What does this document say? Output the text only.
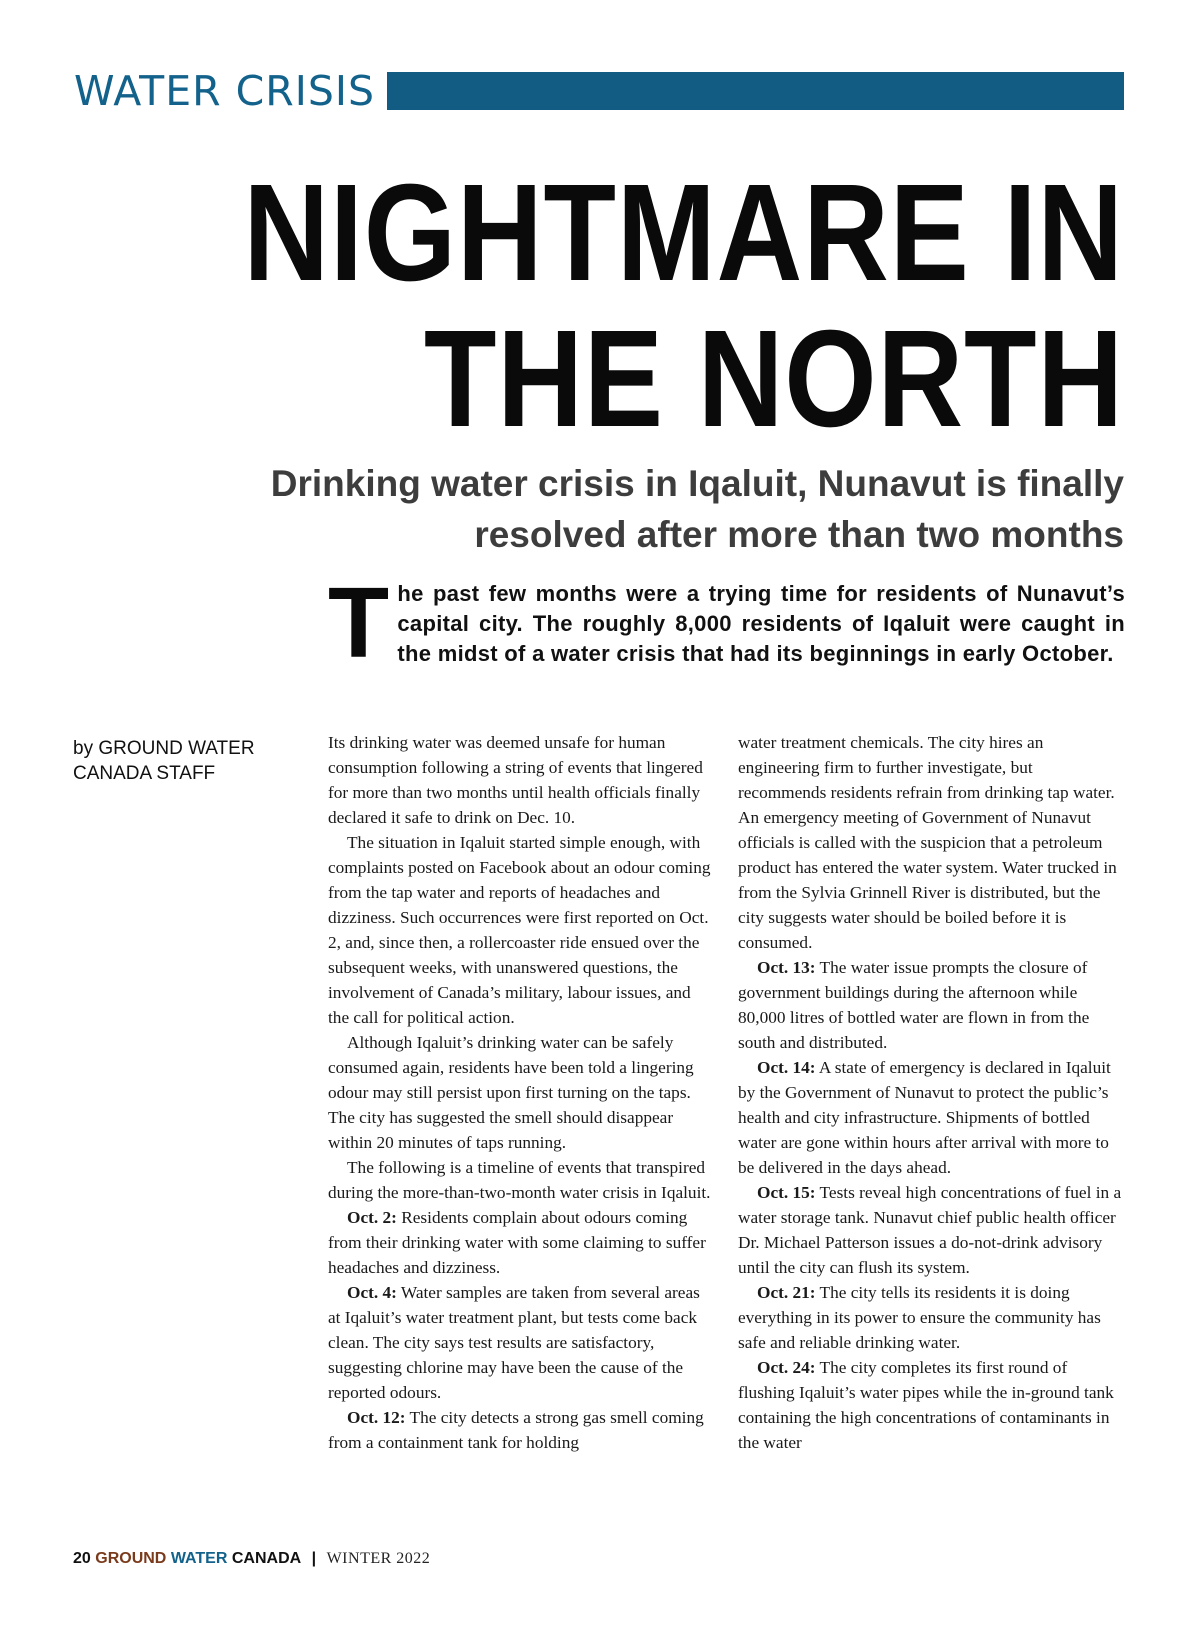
WATER CRISIS
NIGHTMARE IN
THE NORTH
Drinking water crisis in Iqaluit, Nunavut is finally
resolved after more than two months

The past few months were a trying time for residents of Nunavut’s capital city. The roughly 8,000 residents of Iqaluit were caught in the midst of a water crisis that had its beginnings in early October.

by GROUND WATER
CANADA STAFF

Its drinking water was deemed unsafe for human consumption following a string of events that lingered for more than two months until health officials finally declared it safe to drink on Dec. 10.

The situation in Iqaluit started simple enough, with complaints posted on Facebook about an odour coming from the tap water and reports of headaches and dizziness. Such occurrences were first reported on Oct. 2, and, since then, a rollercoaster ride ensued over the subsequent weeks, with unanswered questions, the involvement of Canada’s military, labour issues, and the call for political action.

Although Iqaluit’s drinking water can be safely consumed again, residents have been told a lingering odour may still persist upon first turning on the taps. The city has suggested the smell should disappear within 20 minutes of taps running.

The following is a timeline of events that transpired during the more-than-two-month water crisis in Iqaluit.

Oct. 2: Residents complain about odours coming from their drinking water with some claiming to suffer headaches and dizziness.

Oct. 4: Water samples are taken from several areas at Iqaluit’s water treatment plant, but tests come back clean. The city says test results are satisfactory, suggesting chlorine may have been the cause of the reported odours.

Oct. 12: The city detects a strong gas smell coming from a containment tank for holding

water treatment chemicals. The city hires an engineering firm to further investigate, but recommends residents refrain from drinking tap water. An emergency meeting of Government of Nunavut officials is called with the suspicion that a petroleum product has entered the water system. Water trucked in from the Sylvia Grinnell River is distributed, but the city suggests water should be boiled before it is consumed.

Oct. 13: The water issue prompts the closure of government buildings during the afternoon while 80,000 litres of bottled water are flown in from the south and distributed.

Oct. 14: A state of emergency is declared in Iqaluit by the Government of Nunavut to protect the public’s health and city infrastructure. Shipments of bottled water are gone within hours after arrival with more to be delivered in the days ahead.

Oct. 15: Tests reveal high concentrations of fuel in a water storage tank. Nunavut chief public health officer Dr. Michael Patterson issues a do-not-drink advisory until the city can flush its system.

Oct. 21: The city tells its residents it is doing everything in its power to ensure the community has safe and reliable drinking water.

Oct. 24: The city completes its first round of flushing Iqaluit’s water pipes while the in-ground tank containing the high concentrations of contaminants in the water

20 GROUND WATER CANADA | WINTER 2022
